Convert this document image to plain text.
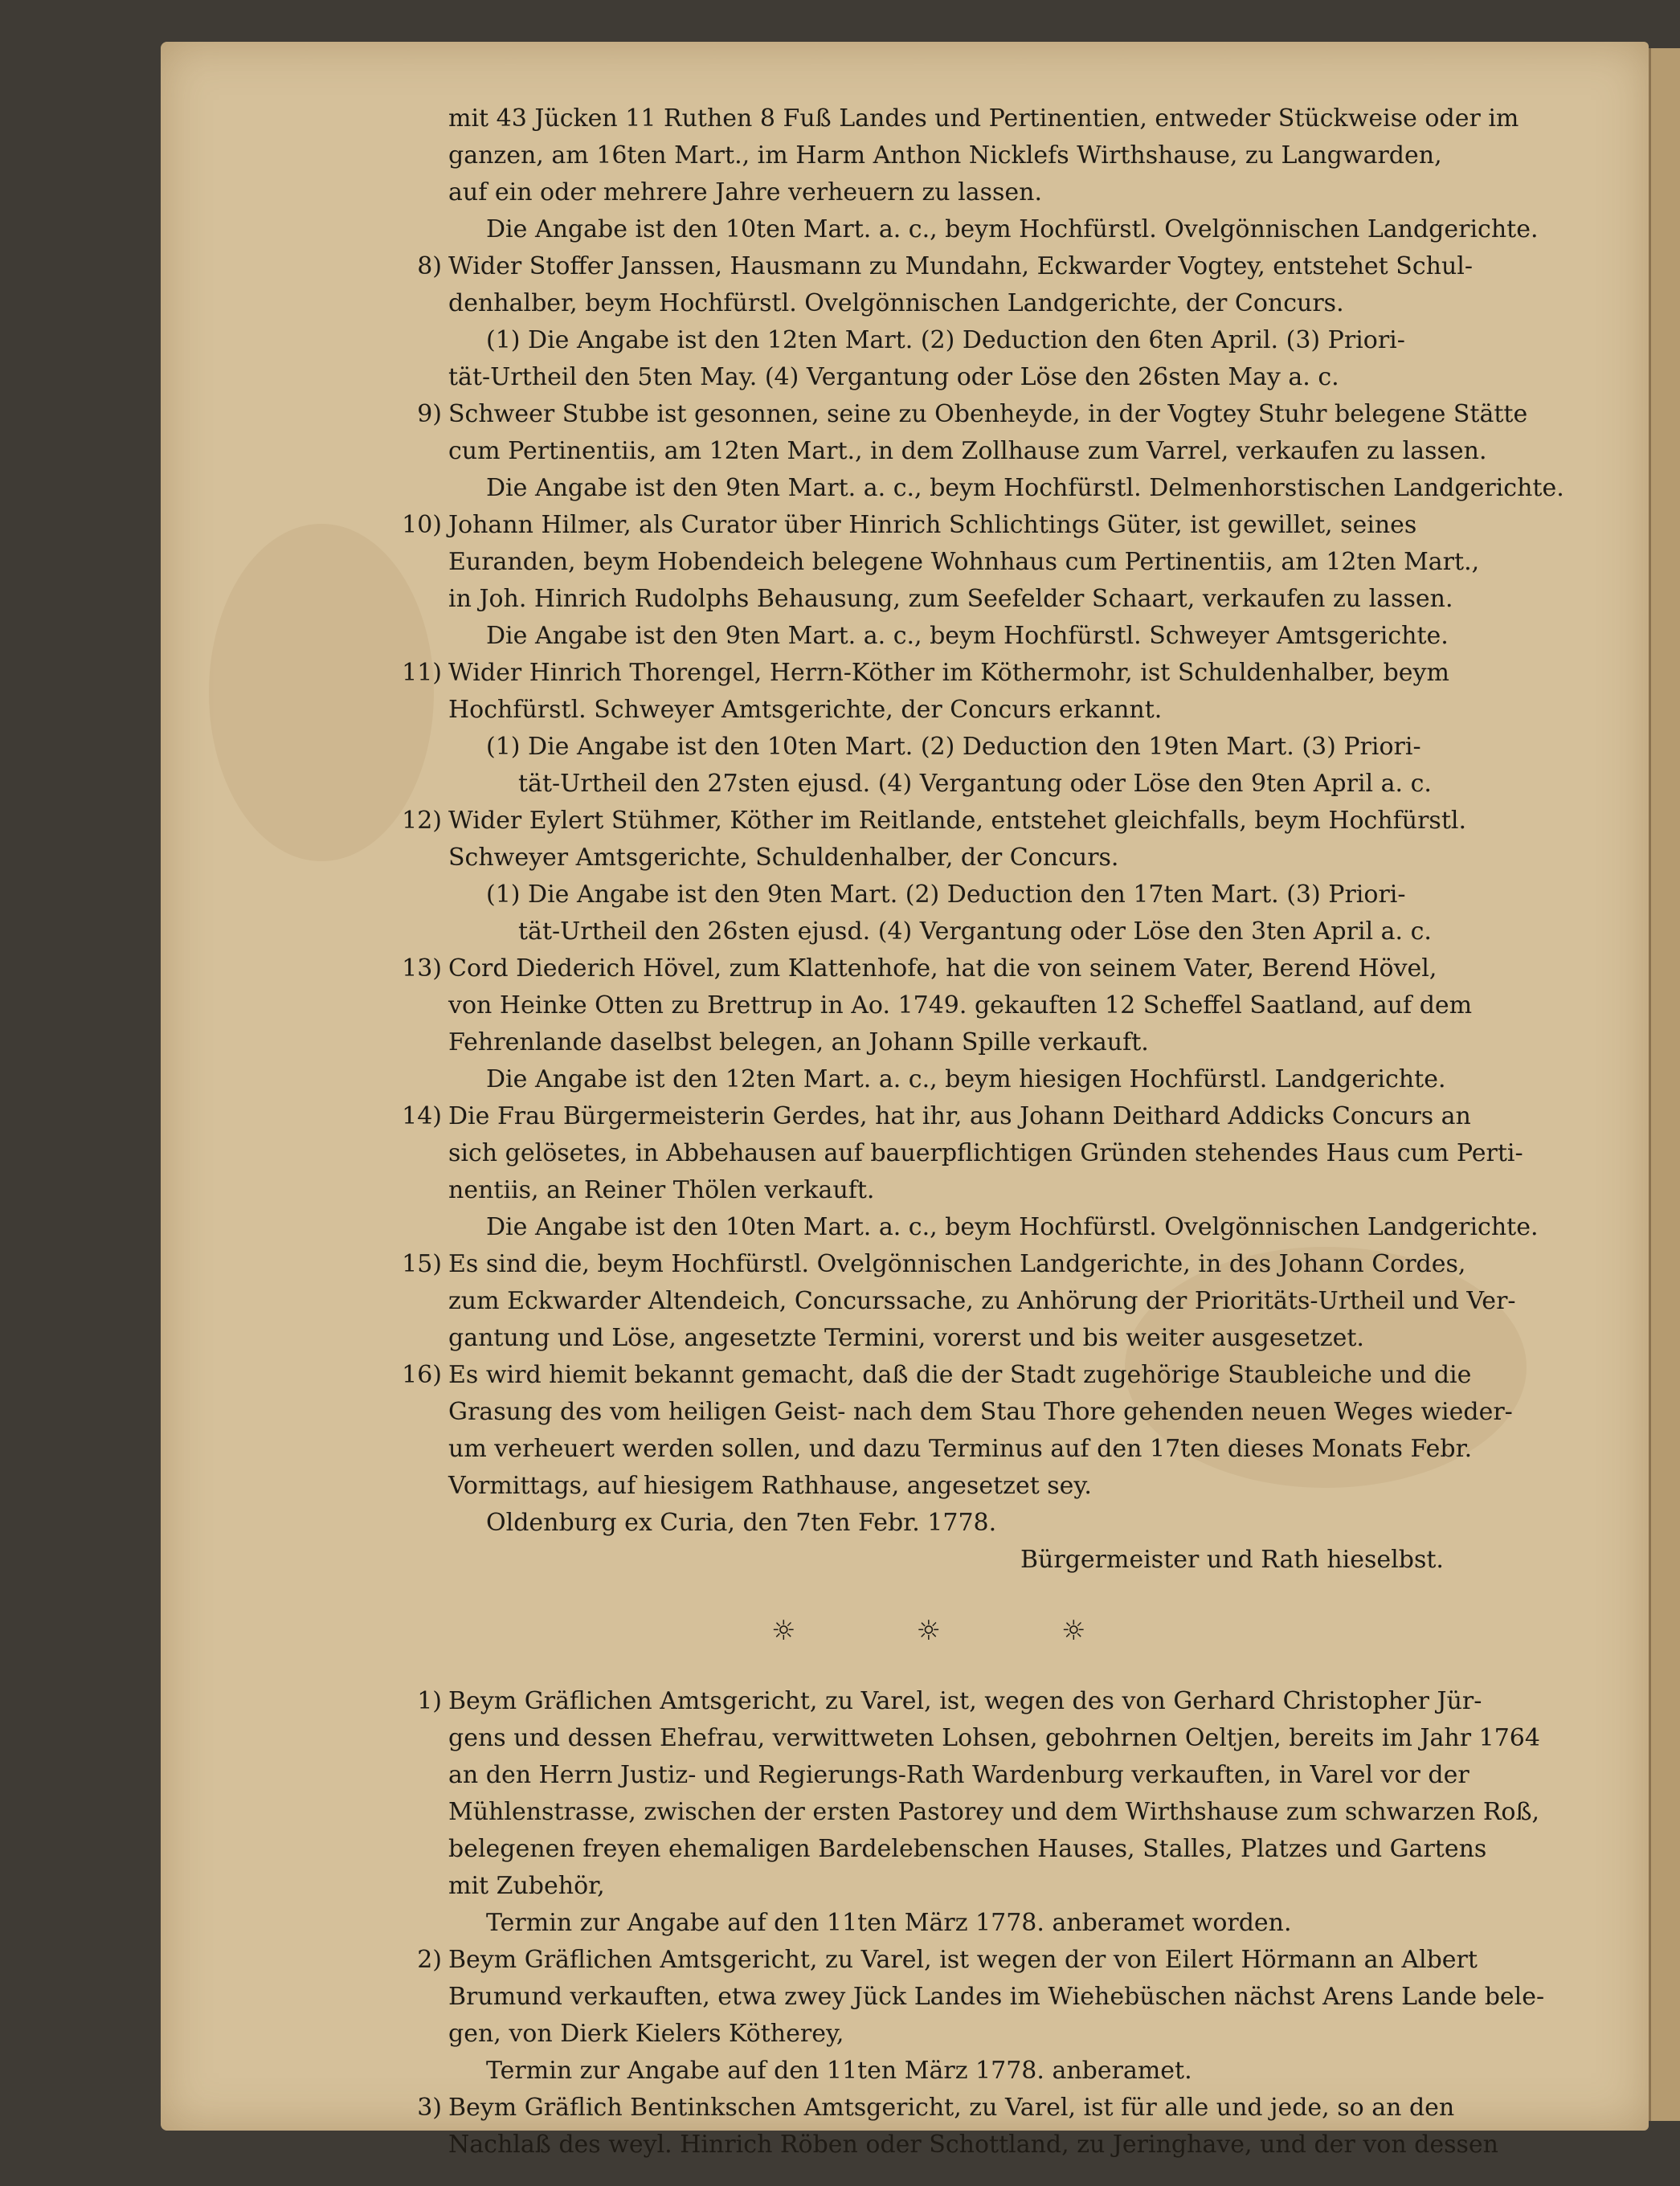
mit 43 Jücken 11 Ruthen 8 Fuß Landes und Pertinentien, entweder Stückweise oder im
ganzen, am 16ten Mart., im Harm Anthon Nicklefs Wirthshause, zu Langwarden,
auf ein oder mehrere Jahre verheuern zu lassen.
Die Angabe ist den 10ten Mart. a. c., beym Hochfürstl. Ovelgönnischen Landgerichte.
8) Wider Stoffer Janssen, Hausmann zu Mundahn, Eckwarder Vogtey, entstehet Schul-
denhalber, beym Hochfürstl. Ovelgönnischen Landgerichte, der Concurs.
(1) Die Angabe ist den 12ten Mart. (2) Deduction den 6ten April. (3) Priori-
tät-Urtheil den 5ten May. (4) Vergantung oder Löse den 26sten May a. c.
9) Schweer Stubbe ist gesonnen, seine zu Obenheyde, in der Vogtey Stuhr belegene Stätte
cum Pertinentiis, am 12ten Mart., in dem Zollhause zum Varrel, verkaufen zu lassen.
Die Angabe ist den 9ten Mart. a. c., beym Hochfürstl. Delmenhorstischen Landgerichte.
10) Johann Hilmer, als Curator über Hinrich Schlichtings Güter, ist gewillet, seines
Euranden, beym Hobendeich belegene Wohnhaus cum Pertinentiis, am 12ten Mart.,
in Joh. Hinrich Rudolphs Behausung, zum Seefelder Schaart, verkaufen zu lassen.
Die Angabe ist den 9ten Mart. a. c., beym Hochfürstl. Schweyer Amtsgerichte.
11) Wider Hinrich Thorengel, Herrn-Köther im Köthermohr, ist Schuldenhalber, beym
Hochfürstl. Schweyer Amtsgerichte, der Concurs erkannt.
(1) Die Angabe ist den 10ten Mart. (2) Deduction den 19ten Mart. (3) Priori-
tät-Urtheil den 27sten ejusd. (4) Vergantung oder Löse den 9ten April a. c.
12) Wider Eylert Stühmer, Köther im Reitlande, entstehet gleichfalls, beym Hochfürstl.
Schweyer Amtsgerichte, Schuldenhalber, der Concurs.
(1) Die Angabe ist den 9ten Mart. (2) Deduction den 17ten Mart. (3) Priori-
tät-Urtheil den 26sten ejusd. (4) Vergantung oder Löse den 3ten April a. c.
13) Cord Diederich Hövel, zum Klattenhofe, hat die von seinem Vater, Berend Hövel,
von Heinke Otten zu Brettrup in Ao. 1749. gekauften 12 Scheffel Saatland, auf dem
Fehrenlande daselbst belegen, an Johann Spille verkauft.
Die Angabe ist den 12ten Mart. a. c., beym hiesigen Hochfürstl. Landgerichte.
14) Die Frau Bürgermeisterin Gerdes, hat ihr, aus Johann Deithard Addicks Concurs an
sich gelösetes, in Abbehausen auf bauerpflichtigen Gründen stehendes Haus cum Perti-
nentiis, an Reiner Thölen verkauft.
Die Angabe ist den 10ten Mart. a. c., beym Hochfürstl. Ovelgönnischen Landgerichte.
15) Es sind die, beym Hochfürstl. Ovelgönnischen Landgerichte, in des Johann Cordes,
zum Eckwarder Altendeich, Concurssache, zu Anhörung der Prioritäts-Urtheil und Ver-
gantung und Löse, angesetzte Termini, vorerst und bis weiter ausgesetzet.
16) Es wird hiemit bekannt gemacht, daß die der Stadt zugehörige Staubleiche und die
Grasung des vom heiligen Geist- nach dem Stau Thore gehenden neuen Weges wieder-
um verheuert werden sollen, und dazu Terminus auf den 17ten dieses Monats Febr.
Vormittags, auf hiesigem Rathhause, angesetzet sey.
Oldenburg ex Curia, den 7ten Febr. 1778.
Bürgermeister und Rath hieselbst.
☼	☼	☼
1) Beym Gräflichen Amtsgericht, zu Varel, ist, wegen des von Gerhard Christopher Jür-
gens und dessen Ehefrau, verwittweten Lohsen, gebohrnen Oeltjen, bereits im Jahr 1764
an den Herrn Justiz- und Regierungs-Rath Wardenburg verkauften, in Varel vor der
Mühlenstrasse, zwischen der ersten Pastorey und dem Wirthshause zum schwarzen Roß,
belegenen freyen ehemaligen Bardelebenschen Hauses, Stalles, Platzes und Gartens
mit Zubehör,
Termin zur Angabe auf den 11ten März 1778. anberamet worden.
2) Beym Gräflichen Amtsgericht, zu Varel, ist wegen der von Eilert Hörmann an Albert
Brumund verkauften, etwa zwey Jück Landes im Wiehebüschen nächst Arens Lande bele-
gen, von Dierk Kielers Kötherey,
Termin zur Angabe auf den 11ten März 1778. anberamet.
3) Beym Gräflich Bentinkschen Amtsgericht, zu Varel, ist für alle und jede, so an den
Nachlaß des weyl. Hinrich Röben oder Schottland, zu Jeringhave, und der von dessen
